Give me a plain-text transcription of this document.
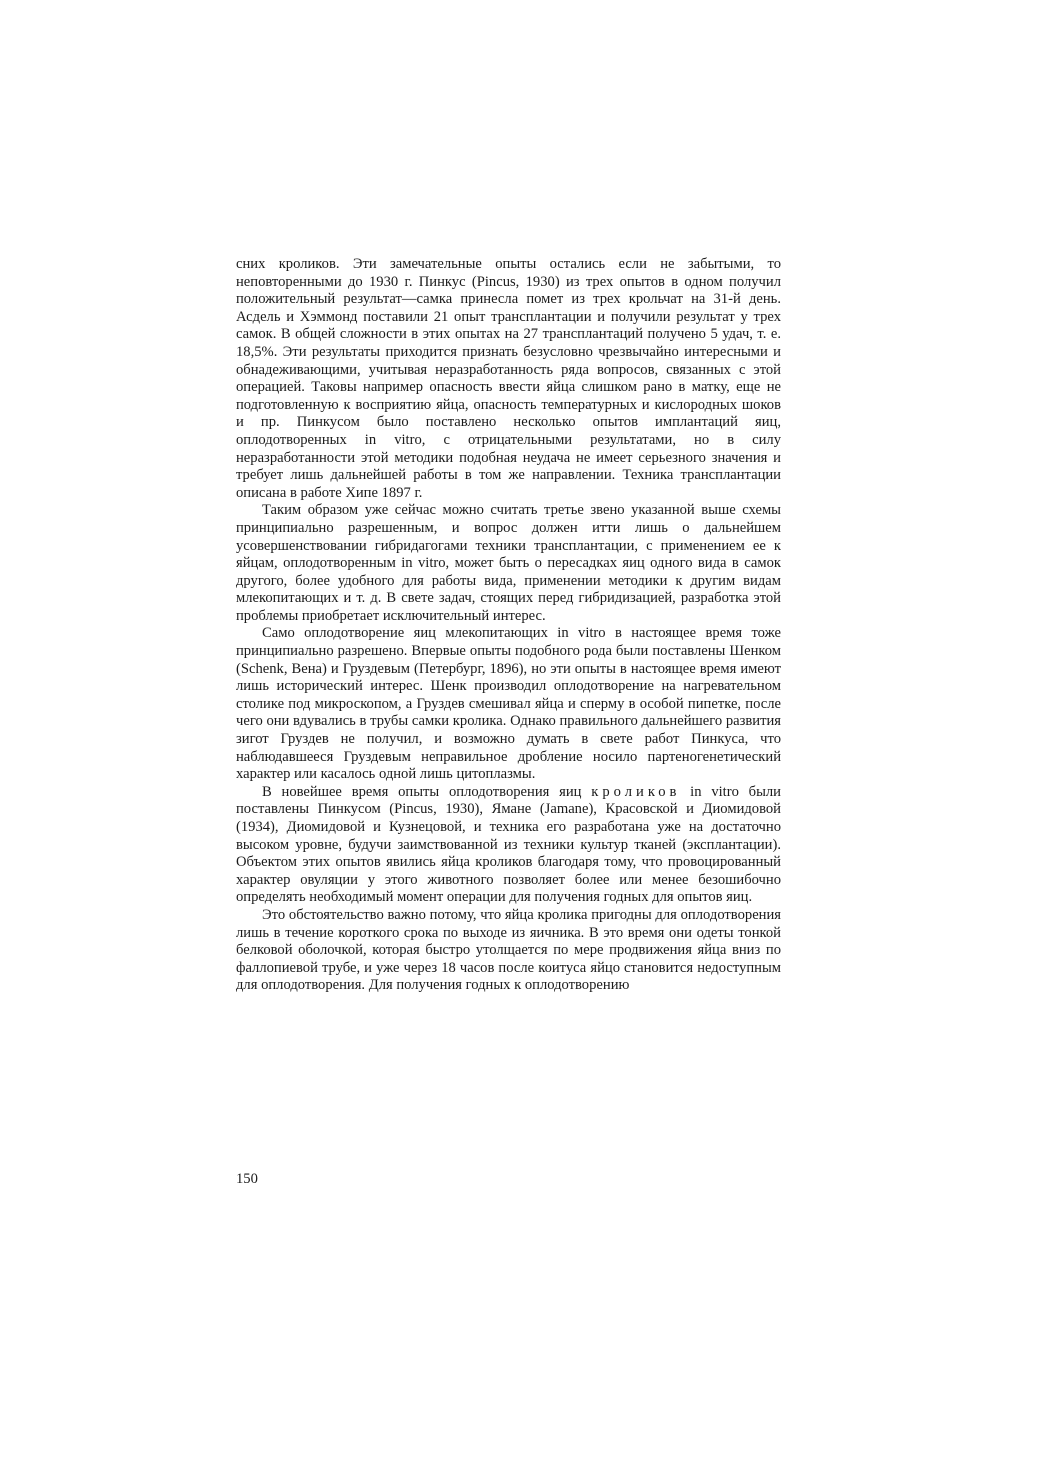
сних кроликов. Эти замечательные опыты остались если не забытыми, то неповторенными до 1930 г. Пинкус (Pincus, 1930) из трех опытов в одном получил положительный результат—самка принесла помет из трех крольчат на 31-й день. Асдель и Хэммонд поставили 21 опыт трансплантации и получили результат у трех самок. В общей сложности в этих опытах на 27 трансплантаций получено 5 удач, т. е. 18,5%. Эти результаты приходится признать безусловно чрезвычайно интересными и обнадеживающими, учитывая неразработанность ряда вопросов, связанных с этой операцией. Таковы например опасность ввести яйца слишком рано в матку, еще не подготовленную к восприятию яйца, опасность температурных и кислородных шоков и пр. Пинкусом было поставлено несколько опытов имплантаций яиц, оплодотворенных in vitro, с отрицательными результатами, но в силу неразработанности этой методики подобная неудача не имеет серьезного значения и требует лишь дальнейшей работы в том же направлении. Техника трансплантации описана в работе Хипе 1897 г.

Таким образом уже сейчас можно считать третье звено указанной выше схемы принципиально разрешенным, и вопрос должен итти лишь о дальнейшем усовершенствовании гибридагогами техники трансплантации, с применением ее к яйцам, оплодотворенным in vitro, может быть о пересадках яиц одного вида в самок другого, более удобного для работы вида, применении методики к другим видам млекопитающих и т. д. В свете задач, стоящих перед гибридизацией, разработка этой проблемы приобретает исключительный интерес.

Само оплодотворение яиц млекопитающих in vitro в настоящее время тоже принципиально разрешено. Впервые опыты подобного рода были поставлены Шенком (Schenk, Вена) и Груздевым (Петербург, 1896), но эти опыты в настоящее время имеют лишь исторический интерес. Шенк производил оплодотворение на нагревательном столике под микроскопом, а Груздев смешивал яйца и сперму в особой пипетке, после чего они вдувались в трубы самки кролика. Однако правильного дальнейшего развития зигот Груздев не получил, и возможно думать в свете работ Пинкуса, что наблюдавшееся Груздевым неправильное дробление носило партеногенетический характер или касалось одной лишь цитоплазмы.

В новейшее время опыты оплодотворения яиц кроликов in vitro были поставлены Пинкусом (Pincus, 1930), Ямане (Jamane), Красовской и Диомидовой (1934), Диомидовой и Кузнецовой, и техника его разработана уже на достаточно высоком уровне, будучи заимствованной из техники культур тканей (эксплантации). Объектом этих опытов явились яйца кроликов благодаря тому, что провоцированный характер овуляции у этого животного позволяет более или менее безошибочно определять необходимый момент операции для получения годных для опытов яиц.

Это обстоятельство важно потому, что яйца кролика пригодны для оплодотворения лишь в течение короткого срока по выходе из яичника. В это время они одеты тонкой белковой оболочкой, которая быстро утолщается по мере продвижения яйца вниз по фаллопиевой трубе, и уже через 18 часов после коитуса яйцо становится недоступным для оплодотворения. Для получения годных к оплодотворению

150
